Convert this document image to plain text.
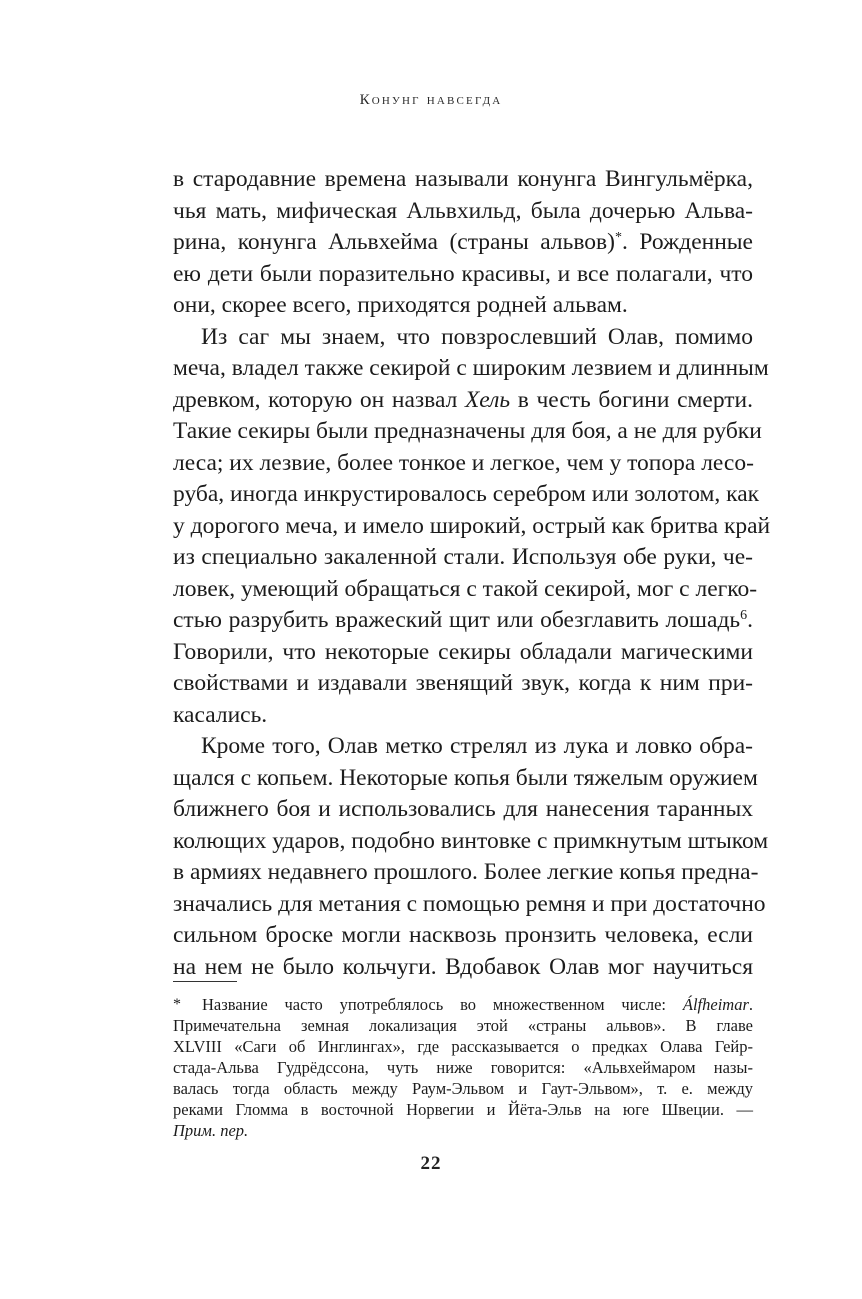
Конунг навсегда
в стародавние времена называли конунга Вингульмёрка,
чья мать, мифическая Альвхильд, была дочерью Альва-
рина, конунга Альвхейма (страны альвов)*. Рожденные
ею дети были поразительно красивы, и все полагали, что
они, скорее всего, приходятся родней альвам.
Из саг мы знаем, что повзрослевший Олав, помимо
меча, владел также секирой с широким лезвием и длинным
древком, которую он назвал Хель в честь богини смерти.
Такие секиры были предназначены для боя, а не для рубки
леса; их лезвие, более тонкое и легкое, чем у топора лесо-
руба, иногда инкрустировалось серебром или золотом, как
у дорогого меча, и имело широкий, острый как бритва край
из специально закаленной стали. Используя обе руки, че-
ловек, умеющий обращаться с такой секирой, мог с легко-
стью разрубить вражеский щит или обезглавить лошадь$^6$.
Говорили, что некоторые секиры обладали магическими
свойствами и издавали звенящий звук, когда к ним при-
касались.
Кроме того, Олав метко стрелял из лука и ловко обра-
щался с копьем. Некоторые копья были тяжелым оружием
ближнего боя и использовались для нанесения таранных
колющих ударов, подобно винтовке с примкнутым штыком
в армиях недавнего прошлого. Более легкие копья предна-
значались для метания с помощью ремня и при достаточно
сильном броске могли насквозь пронзить человека, если
на нем не было кольчуги. Вдобавок Олав мог научиться
*	Название часто употреблялось во множественном числе: Álfheimar.
Примечательна земная локализация этой «страны альвов». В главе
XLVIII «Саги об Инглингах», где рассказывается о предках Олава Гейр-
стада-Альва Гудрёдссона, чуть ниже говорится: «Альвхеймаром назы-
валась тогда область между Раум-Эльвом и Гаут-Эльвом», т. е. между
реками Гломма в восточной Норвегии и Йёта-Эльв на юге Швеции. —
Прим. пер.
22
